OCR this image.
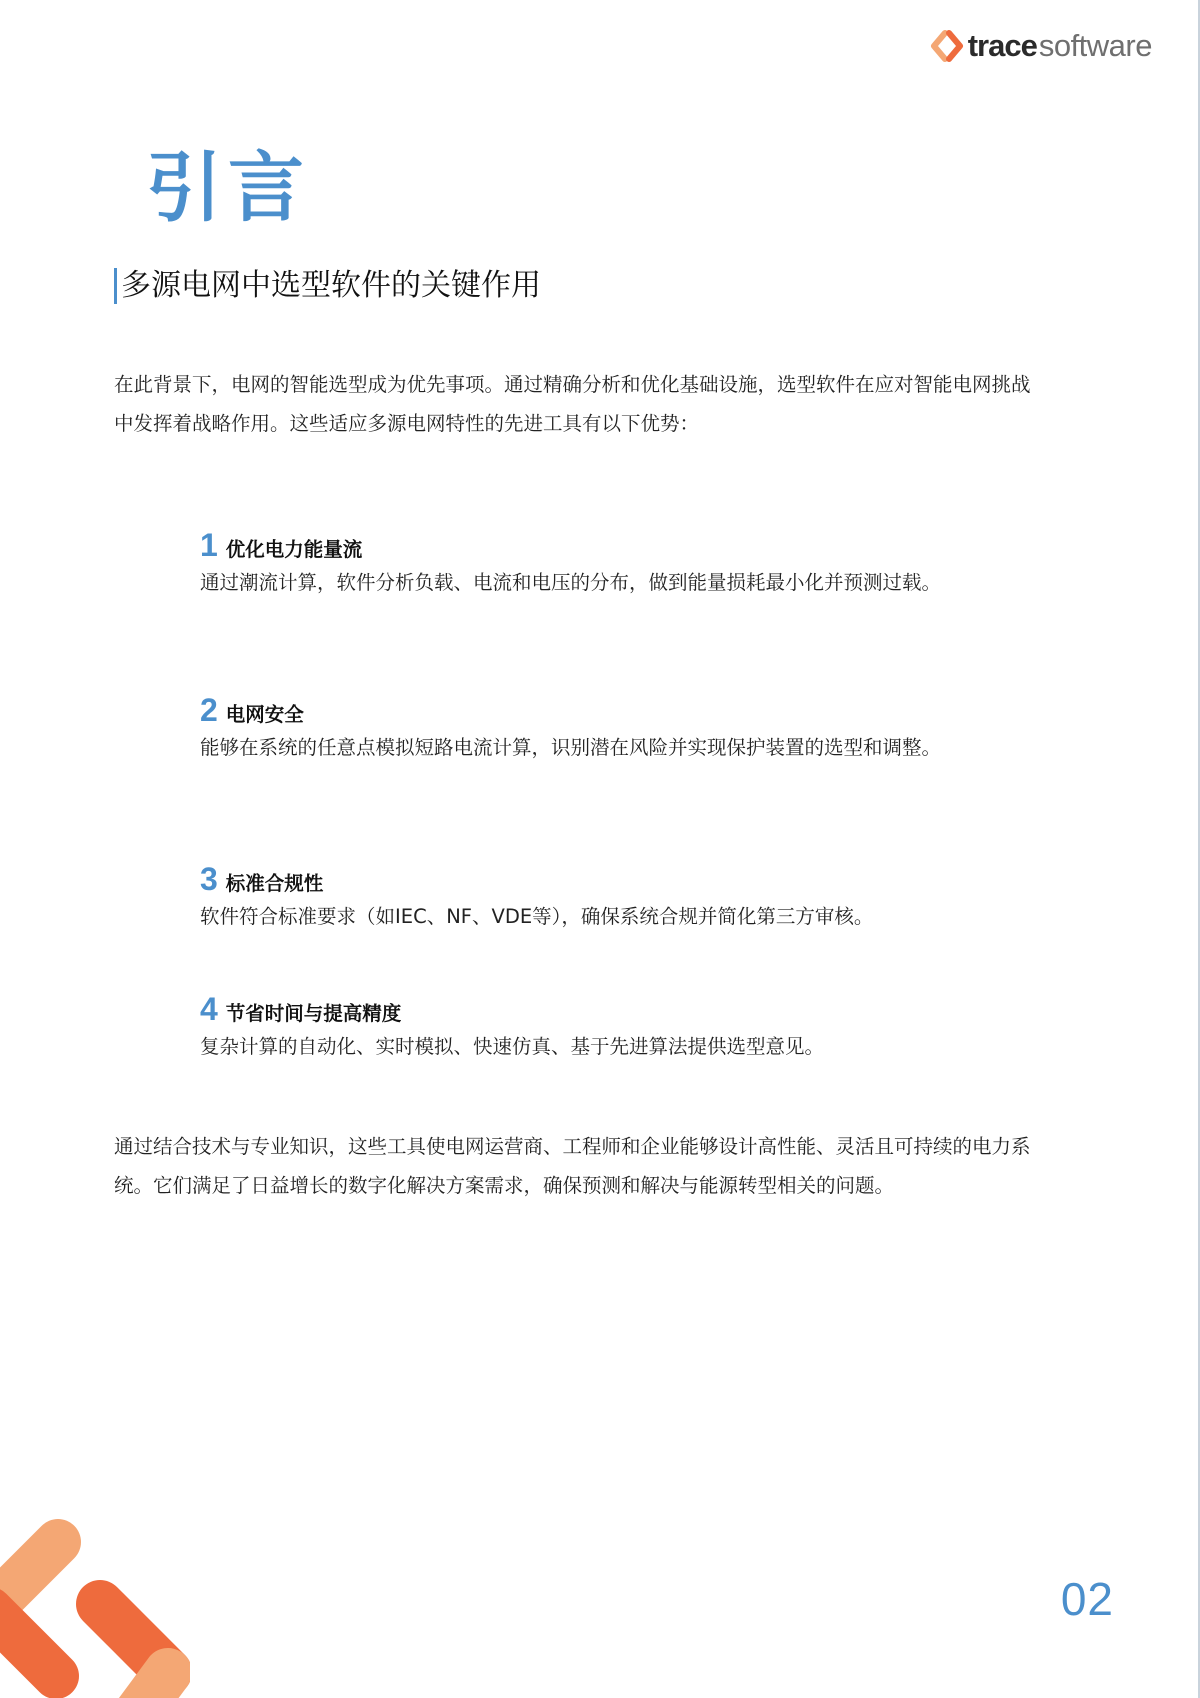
trace software
引言
多源电网中选型软件的关键作用
在此背景下，电网的智能选型成为优先事项。通过精确分析和优化基础设施，选型软件在应对智能电网挑战中发挥着战略作用。这些适应多源电网特性的先进工具有以下优势：
1 优化电力能量流
通过潮流计算，软件分析负载、电流和电压的分布，做到能量损耗最小化并预测过载。
2 电网安全
能够在系统的任意点模拟短路电流计算，识别潜在风险并实现保护装置的选型和调整。
3 标准合规性
软件符合标准要求（如IEC、NF、VDE等），确保系统合规并简化第三方审核。
4 节省时间与提高精度
复杂计算的自动化、实时模拟、快速仿真、基于先进算法提供选型意见。
通过结合技术与专业知识，这些工具使电网运营商、工程师和企业能够设计高性能、灵活且可持续的电力系统。它们满足了日益增长的数字化解决方案需求，确保预测和解决与能源转型相关的问题。
02
